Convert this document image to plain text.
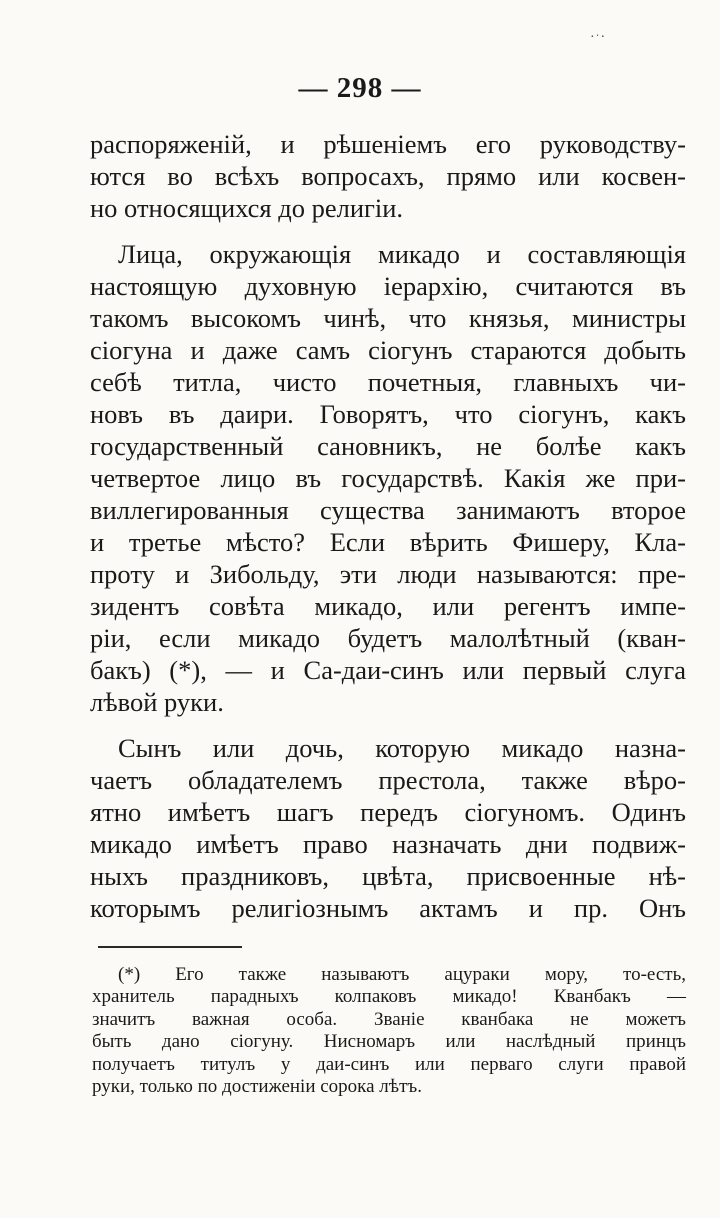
·ˑ·
— 298 —
распоряженій, и рѣшеніемъ его руководству-
ются во всѣхъ вопросахъ, прямо или косвен-
но относящихся до религіи.
Лица, окружающія микадо и составляющія
настоящую духовную іерархію, считаются въ
такомъ высокомъ чинѣ, что князья, министры
сіогуна и даже самъ сіогунъ стараются добыть
себѣ титла, чисто почетныя, главныхъ чи-
новъ въ даири. Говорятъ, что сіогунъ, какъ
государственный сановникъ, не болѣе какъ
четвертое лицо въ государствѣ. Какія же при-
виллегированныя существа занимаютъ второе
и третье мѣсто? Если вѣрить Фишеру, Кла-
проту и Зибольду, эти люди называются: пре-
зидентъ совѣта микадо, или регентъ импе-
ріи, если микадо будетъ малолѣтный (кван-
бакъ) (*), — и Са-даи-синъ или первый слуга
лѣвой руки.
Сынъ или дочь, которую микадо назна-
чаетъ обладателемъ престола, также вѣро-
ятно имѣетъ шагъ передъ сіогуномъ. Одинъ
микадо имѣетъ право назначать дни подвиж-
ныхъ праздниковъ, цвѣта, присвоенные нѣ-
которымъ религіознымъ актамъ и пр. Онъ
(*) Его также называютъ ацураки мору, то-есть,
хранитель парадныхъ колпаковъ микадо! Кванбакъ —
значитъ важная особа. Званіе кванбака не можетъ
быть дано сіогуну. Нисномаръ или наслѣдный принцъ
получаетъ титулъ у даи-синъ или перваго слуги правой
руки, только по достиженіи сорока лѣтъ.
